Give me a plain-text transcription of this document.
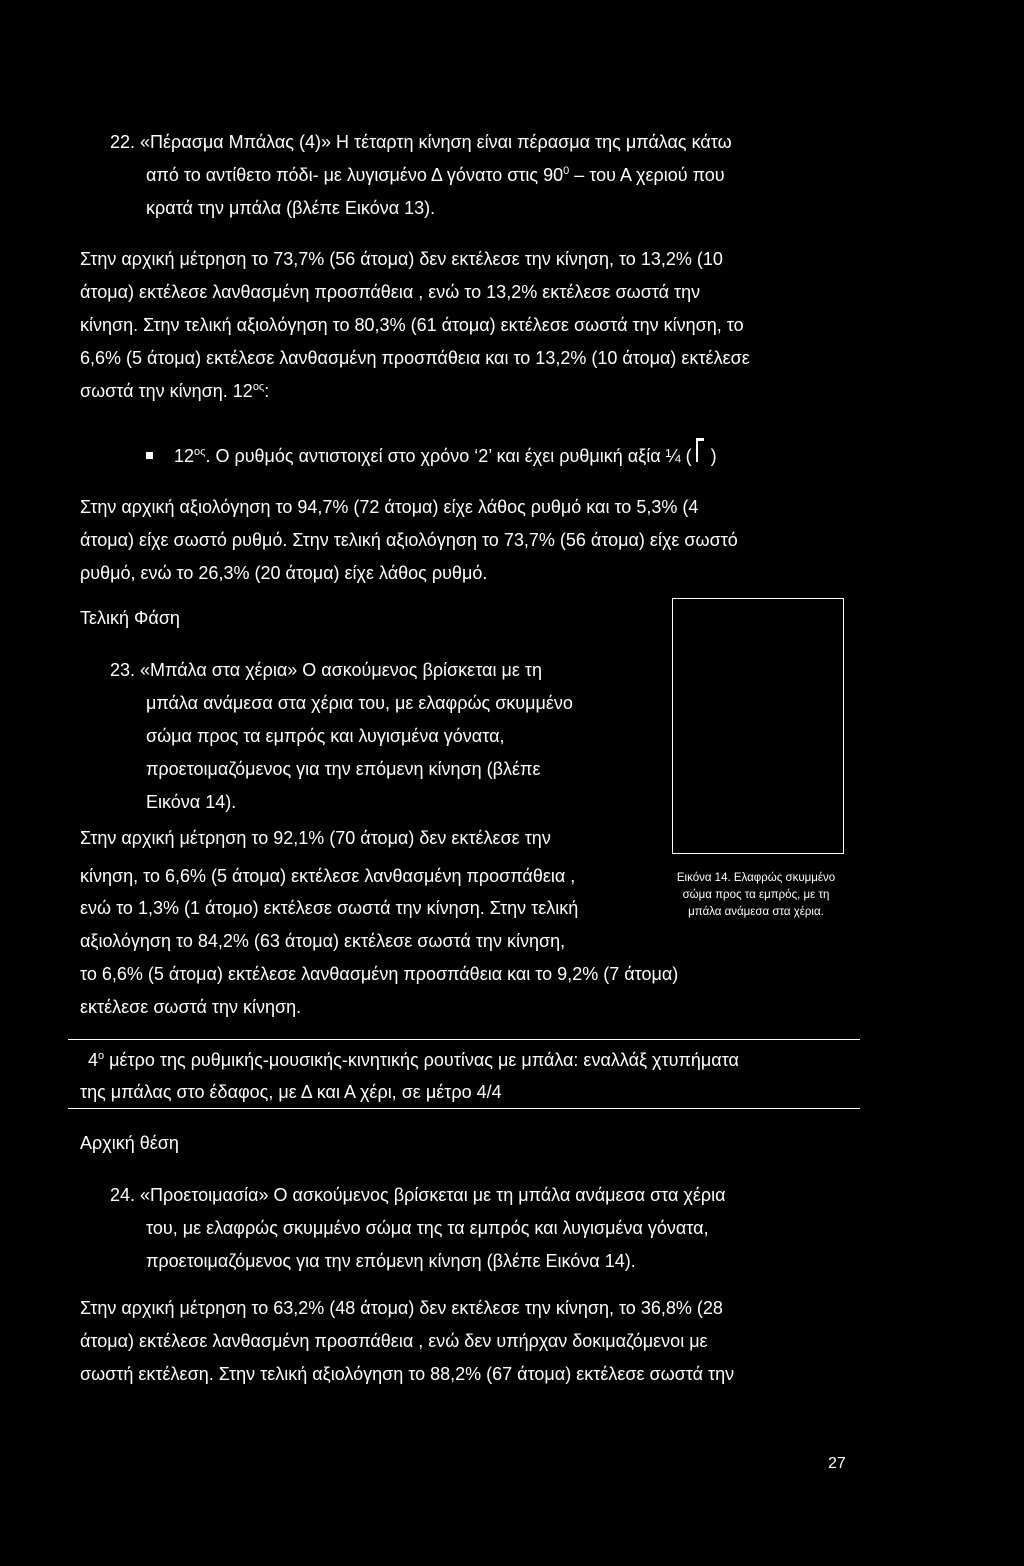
22. «Πέρασμα Μπάλας (4)» Η τέταρτη κίνηση είναι πέρασμα της μπάλας κάτω
από το αντίθετο πόδι- με λυγισμένο Δ γόνατο στις $90^0$ – του Α χεριού που
κρατά την μπάλα (βλέπε Εικόνα 13).
Στην αρχική μέτρηση το 73,7% (56 άτομα) δεν εκτέλεσε την κίνηση, το 13,2% (10
άτομα) εκτέλεσε λανθασμένη προσπάθεια , ενώ το 13,2% εκτέλεσε σωστά την
κίνηση. Στην τελική αξιολόγηση το 80,3% (61 άτομα) εκτέλεσε σωστά την κίνηση, το
6,6% (5 άτομα) εκτέλεσε λανθασμένη προσπάθεια και το 13,2% (10 άτομα) εκτέλεσε
σωστά την κίνηση. $12^{o\varsigma}$:
$12^{o\varsigma}$. Ο ρυθμός αντιστοιχεί στο χρόνο ‘2’ και έχει ρυθμική αξία ¼ (
)
Στην αρχική αξιολόγηση το 94,7% (72 άτομα) είχε λάθος ρυθμό και το 5,3% (4
άτομα) είχε σωστό ρυθμό. Στην τελική αξιολόγηση το 73,7% (56 άτομα) είχε σωστό
ρυθμό, ενώ το 26,3% (20 άτομα) είχε λάθος ρυθμό.
Τελική Φάση
23. «Μπάλα στα χέρια» Ο ασκούμενος βρίσκεται με τη
μπάλα ανάμεσα στα χέρια του, με ελαφρώς σκυμμένο
σώμα προς τα εμπρός και λυγισμένα γόνατα,
προετοιμαζόμενος για την επόμενη κίνηση (βλέπε
Εικόνα 14).
Εικόνα 14. Ελαφρώς σκυμμένο σώμα προς τα εμπρός, με τη μπάλα ανάμεσα στα χέρια.
Στην αρχική μέτρηση το 92,1% (70 άτομα) δεν εκτέλεσε την
κίνηση, το 6,6% (5 άτομα) εκτέλεσε λανθασμένη προσπάθεια ,
ενώ το 1,3% (1 άτομο) εκτέλεσε σωστά την κίνηση. Στην τελική
αξιολόγηση το 84,2% (63 άτομα) εκτέλεσε σωστά την κίνηση,
το 6,6% (5 άτομα) εκτέλεσε λανθασμένη προσπάθεια και το 9,2% (7 άτομα)
εκτέλεσε σωστά την κίνηση.
$4^o$ μέτρο της ρυθμικής-μουσικής-κινητικής ρουτίνας με μπάλα: εναλλάξ χτυπήματα
της μπάλας στο έδαφος, με Δ και Α χέρι, σε μέτρο 4/4
Αρχική θέση
24. «Προετοιμασία» Ο ασκούμενος βρίσκεται με τη μπάλα ανάμεσα στα χέρια
του, με ελαφρώς σκυμμένο σώμα της τα εμπρός και λυγισμένα γόνατα,
προετοιμαζόμενος για την επόμενη κίνηση (βλέπε Εικόνα 14).
Στην αρχική μέτρηση το 63,2% (48 άτομα) δεν εκτέλεσε την κίνηση, το 36,8% (28
άτομα) εκτέλεσε λανθασμένη προσπάθεια , ενώ δεν υπήρχαν δοκιμαζόμενοι με
σωστή εκτέλεση. Στην τελική αξιολόγηση το 88,2% (67 άτομα) εκτέλεσε σωστά την
27
